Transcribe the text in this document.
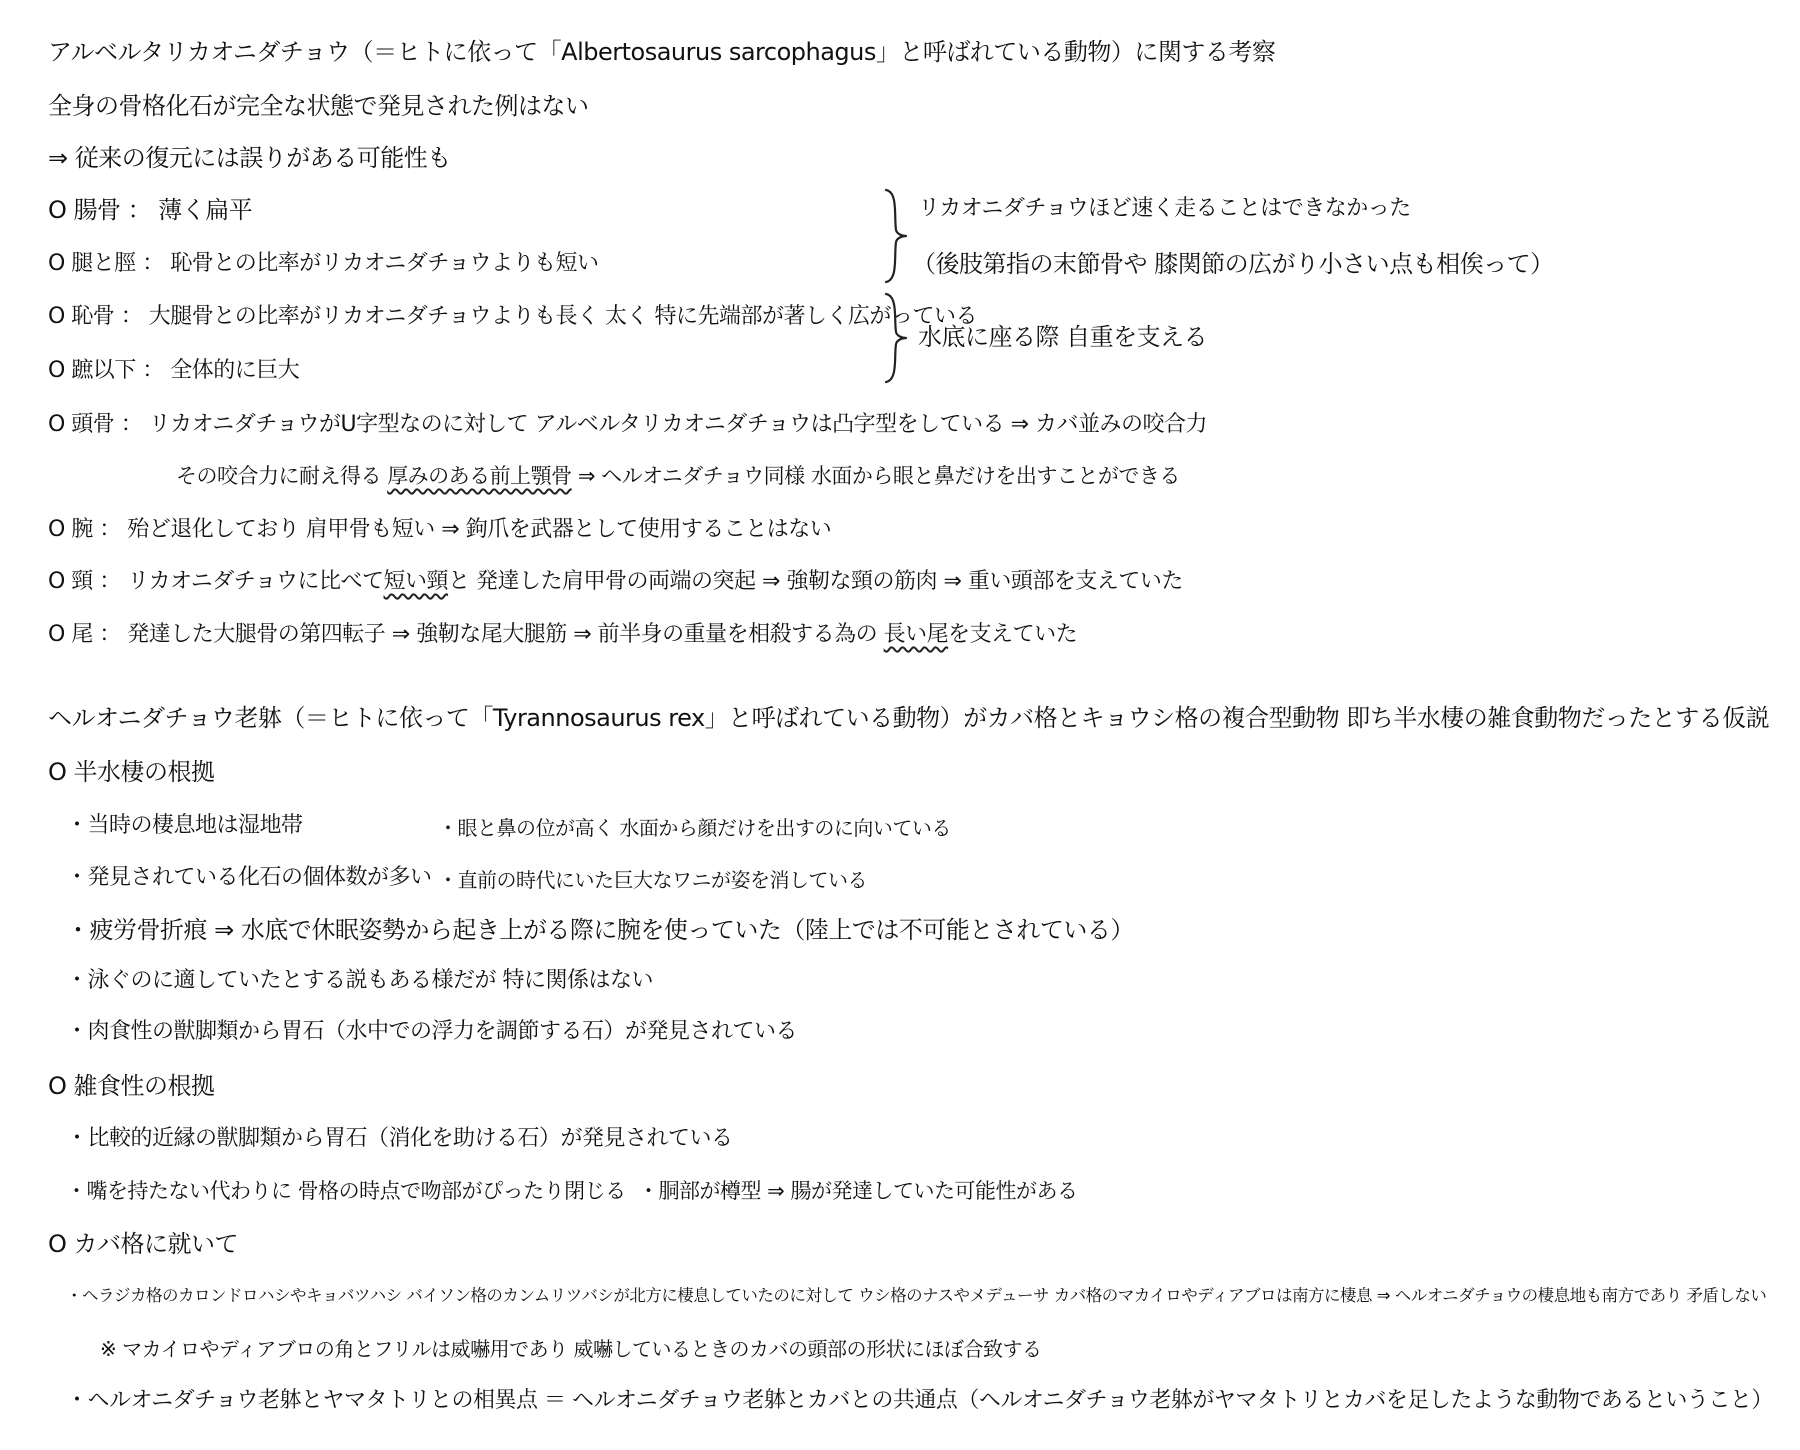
アルベルタリカオニダチョウ（＝ヒトに依って「Albertosaurus sarcophagus」と呼ばれている動物）に関する考察
全身の骨格化石が完全な状態で発見された例はない
⇒ 従来の復元には誤りがある可能性も
O 腸骨 ： 薄く扁平
O 腿と脛 ： 恥骨との比率がリカオニダチョウよりも短い
O 恥骨 ： 大腿骨との比率がリカオニダチョウよりも長く 太く 特に先端部が著しく広がっている
O 蹠以下 ： 全体的に巨大
リカオニダチョウほど速く走ることはできなかった
（後肢第指の末節骨や 膝関節の広がり小さい点も相俟って）
水底に座る際 自重を支える
O 頭骨 ： リカオニダチョウがU字型なのに対して アルベルタリカオニダチョウは凸字型をしている ⇒ カバ並みの咬合力
その咬合力に耐え得る 厚みのある前上顎骨 ⇒ ヘルオニダチョウ同様 水面から眼と鼻だけを出すことができる
O 腕 ： 殆ど退化しており 肩甲骨も短い ⇒ 鉤爪を武器として使用することはない
O 頸 ： リカオニダチョウに比べて短い頸と 発達した肩甲骨の両端の突起 ⇒ 強靭な頸の筋肉 ⇒ 重い頭部を支えていた
O 尾 ： 発達した大腿骨の第四転子 ⇒ 強靭な尾大腿筋 ⇒ 前半身の重量を相殺する為の 長い尾を支えていた
ヘルオニダチョウ老躰（＝ヒトに依って「Tyrannosaurus rex」と呼ばれている動物）がカバ格とキョウシ格の複合型動物 即ち半水棲の雑食動物だったとする仮説
O 半水棲の根拠
・当時の棲息地は湿地帯	・眼と鼻の位が高く 水面から顔だけを出すのに向いている
・発見されている化石の個体数が多い ・直前の時代にいた巨大なワニが姿を消している
・疲労骨折痕 ⇒ 水底で休眠姿勢から起き上がる際に腕を使っていた（陸上では不可能とされている）
・泳ぐのに適していたとする説もある様だが 特に関係はない
・肉食性の獣脚類から胃石（水中での浮力を調節する石）が発見されている
O 雑食性の根拠
・比較的近縁の獣脚類から胃石（消化を助ける石）が発見されている
・嘴を持たない代わりに 骨格の時点で吻部がぴったり閉じる ・胴部が樽型 ⇒ 腸が発達していた可能性がある
O カバ格に就いて
・ヘラジカ格のカロンドロハシやキョバツハシ バイソン格のカンムリツバシが北方に棲息していたのに対して ウシ格のナスやメデューサ カバ格のマカイロやディアブロは南方に棲息 ⇒ ヘルオニダチョウの棲息地も南方であり 矛盾しない
※ マカイロやディアブロの角とフリルは威嚇用であり 威嚇しているときのカバの頭部の形状にほぼ合致する
・ヘルオニダチョウ老躰とヤマタトリとの相異点 ＝ ヘルオニダチョウ老躰とカバとの共通点（ヘルオニダチョウ老躰がヤマタトリとカバを足したような動物であるということ）
